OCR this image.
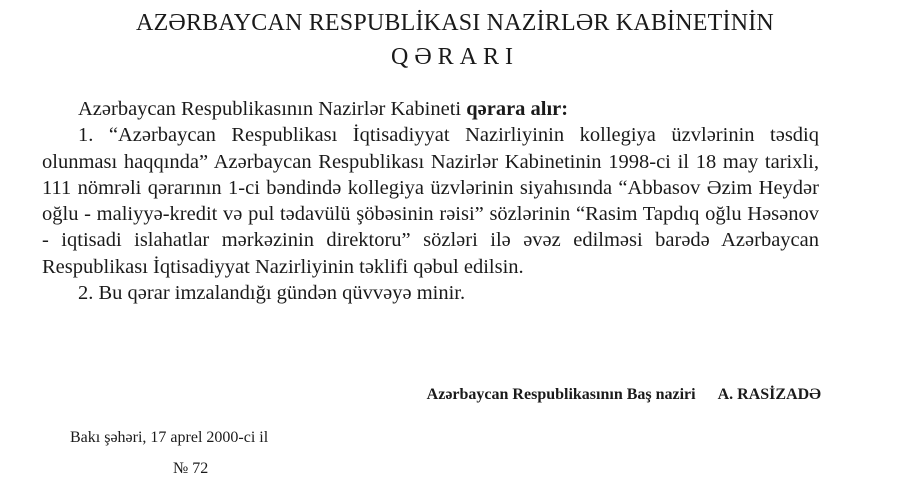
AZƏRBAYCAN RESPUBLİKASI NAZİRLƏR KABİNETİNİN
QƏRARI

Azərbaycan Respublikasının Nazirlər Kabineti qərara alır:

1. “Azərbaycan Respublikası İqtisadiyyat Nazirliyinin kollegiya üzvlərinin təsdiq olunması haqqında” Azərbaycan Respublikası Nazirlər Kabinetinin 1998-ci il 18 may tarixli, 111 nömrəli qərarının 1-ci bəndində kollegiya üzvlərinin siyahısında “Abbasov Əzim Heydər oğlu - maliyyə-kredit və pul tədavülü şöbəsinin rəisi” sözlərinin “Rasim Tapdıq oğlu Həsənov - iqtisadi islahatlar mərkəzinin direktoru” sözləri ilə əvəz edilməsi barədə Azərbaycan Respublikası İqtisadiyyat Nazirliyinin təklifi qəbul edilsin.

2. Bu qərar imzalandığı gündən qüvvəyə minir.

Azərbaycan Respublikasının Baş naziri A. RASİZADƏ
Bakı şəhəri, 17 aprel 2000-ci il
№ 72
